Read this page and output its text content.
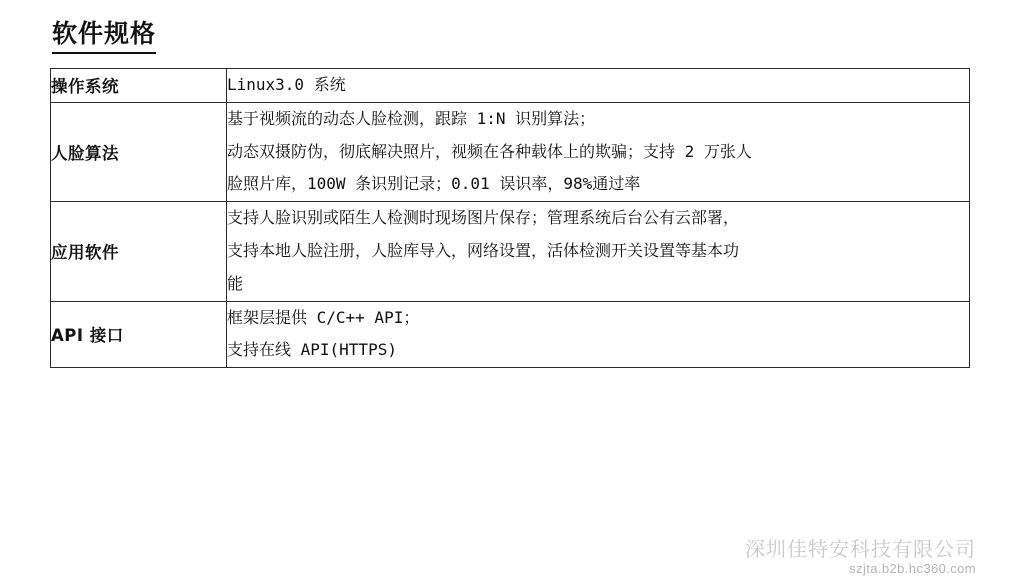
软件规格
操作系统	Linux3.0 系统

人脸算法	基于视频流的动态人脸检测，跟踪 1:N 识别算法；

动态双摄防伪，彻底解决照片，视频在各种载体上的欺骗；支持 2 万张人

脸照片库，100W 条识别记录；0.01 误识率，98%通过率

应用软件	支持人脸识别或陌生人检测时现场图片保存；管理系统后台公有云部署，

支持本地人脸注册，人脸库导入，网络设置，活体检测开关设置等基本功

能

API 接口	框架层提供 C/C++ API；

支持在线 API(HTTPS)

深圳佳特安科技有限公司
szjta.b2b.hc360.com
